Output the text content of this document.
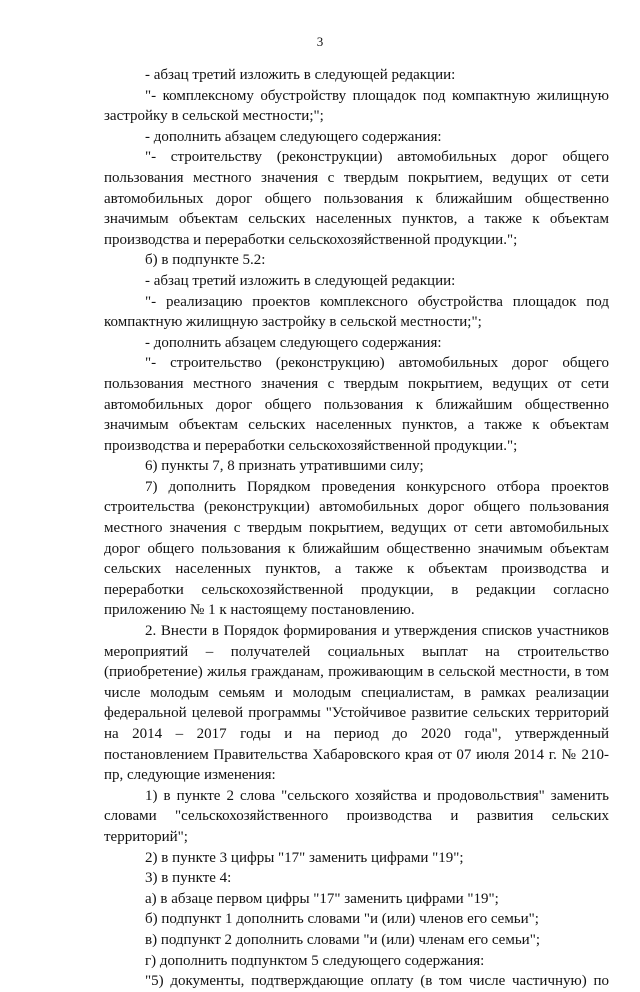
3

- абзац третий изложить в следующей редакции:

"- комплексному обустройству площадок под компактную жилищную застройку в сельской местности;";

- дополнить абзацем следующего содержания:

"- строительству (реконструкции) автомобильных дорог общего пользования местного значения с твердым покрытием, ведущих от сети автомобильных дорог общего пользования к ближайшим общественно значимым объектам сельских населенных пунктов, а также к объектам производства и переработки сельскохозяйственной продукции.";

б) в подпункте 5.2:

- абзац третий изложить в следующей редакции:

"- реализацию проектов комплексного обустройства площадок под компактную жилищную застройку в сельской местности;";

- дополнить абзацем следующего содержания:

"- строительство (реконструкцию) автомобильных дорог общего пользования местного значения с твердым покрытием, ведущих от сети автомобильных дорог общего пользования к ближайшим общественно значимым объектам сельских населенных пунктов, а также к объектам производства и переработки сельскохозяйственной продукции.";

6) пункты 7, 8 признать утратившими силу;

7) дополнить Порядком проведения конкурсного отбора проектов строительства (реконструкции) автомобильных дорог общего пользования местного значения с твердым покрытием, ведущих от сети автомобильных дорог общего пользования к ближайшим общественно значимым объектам сельских населенных пунктов, а также к объектам производства и переработки сельскохозяйственной продукции, в редакции согласно приложению № 1 к настоящему постановлению.

2. Внести в Порядок формирования и утверждения списков участников мероприятий – получателей социальных выплат на строительство (приобретение) жилья гражданам, проживающим в сельской местности, в том числе молодым семьям и молодым специалистам, в рамках реализации федеральной целевой программы "Устойчивое развитие сельских территорий на 2014 – 2017 годы и на период до 2020 года", утвержденный постановлением Правительства Хабаровского края от 07 июля 2014 г. № 210-пр, следующие изменения:

1) в пункте 2 слова "сельского хозяйства и продовольствия" заменить словами "сельскохозяйственного производства и развития сельских территорий";

2) в пункте 3 цифры "17" заменить цифрами "19";

3) в пункте 4:

а) в абзаце первом цифры "17" заменить цифрами "19";

б) подпункт 1 дополнить словами "и (или) членов его семьи";

в) подпункт 2 дополнить словами "и (или) членам его семьи";

г) дополнить подпунктом 5 следующего содержания:

"5) документы, подтверждающие оплату (в том числе частичную) по
